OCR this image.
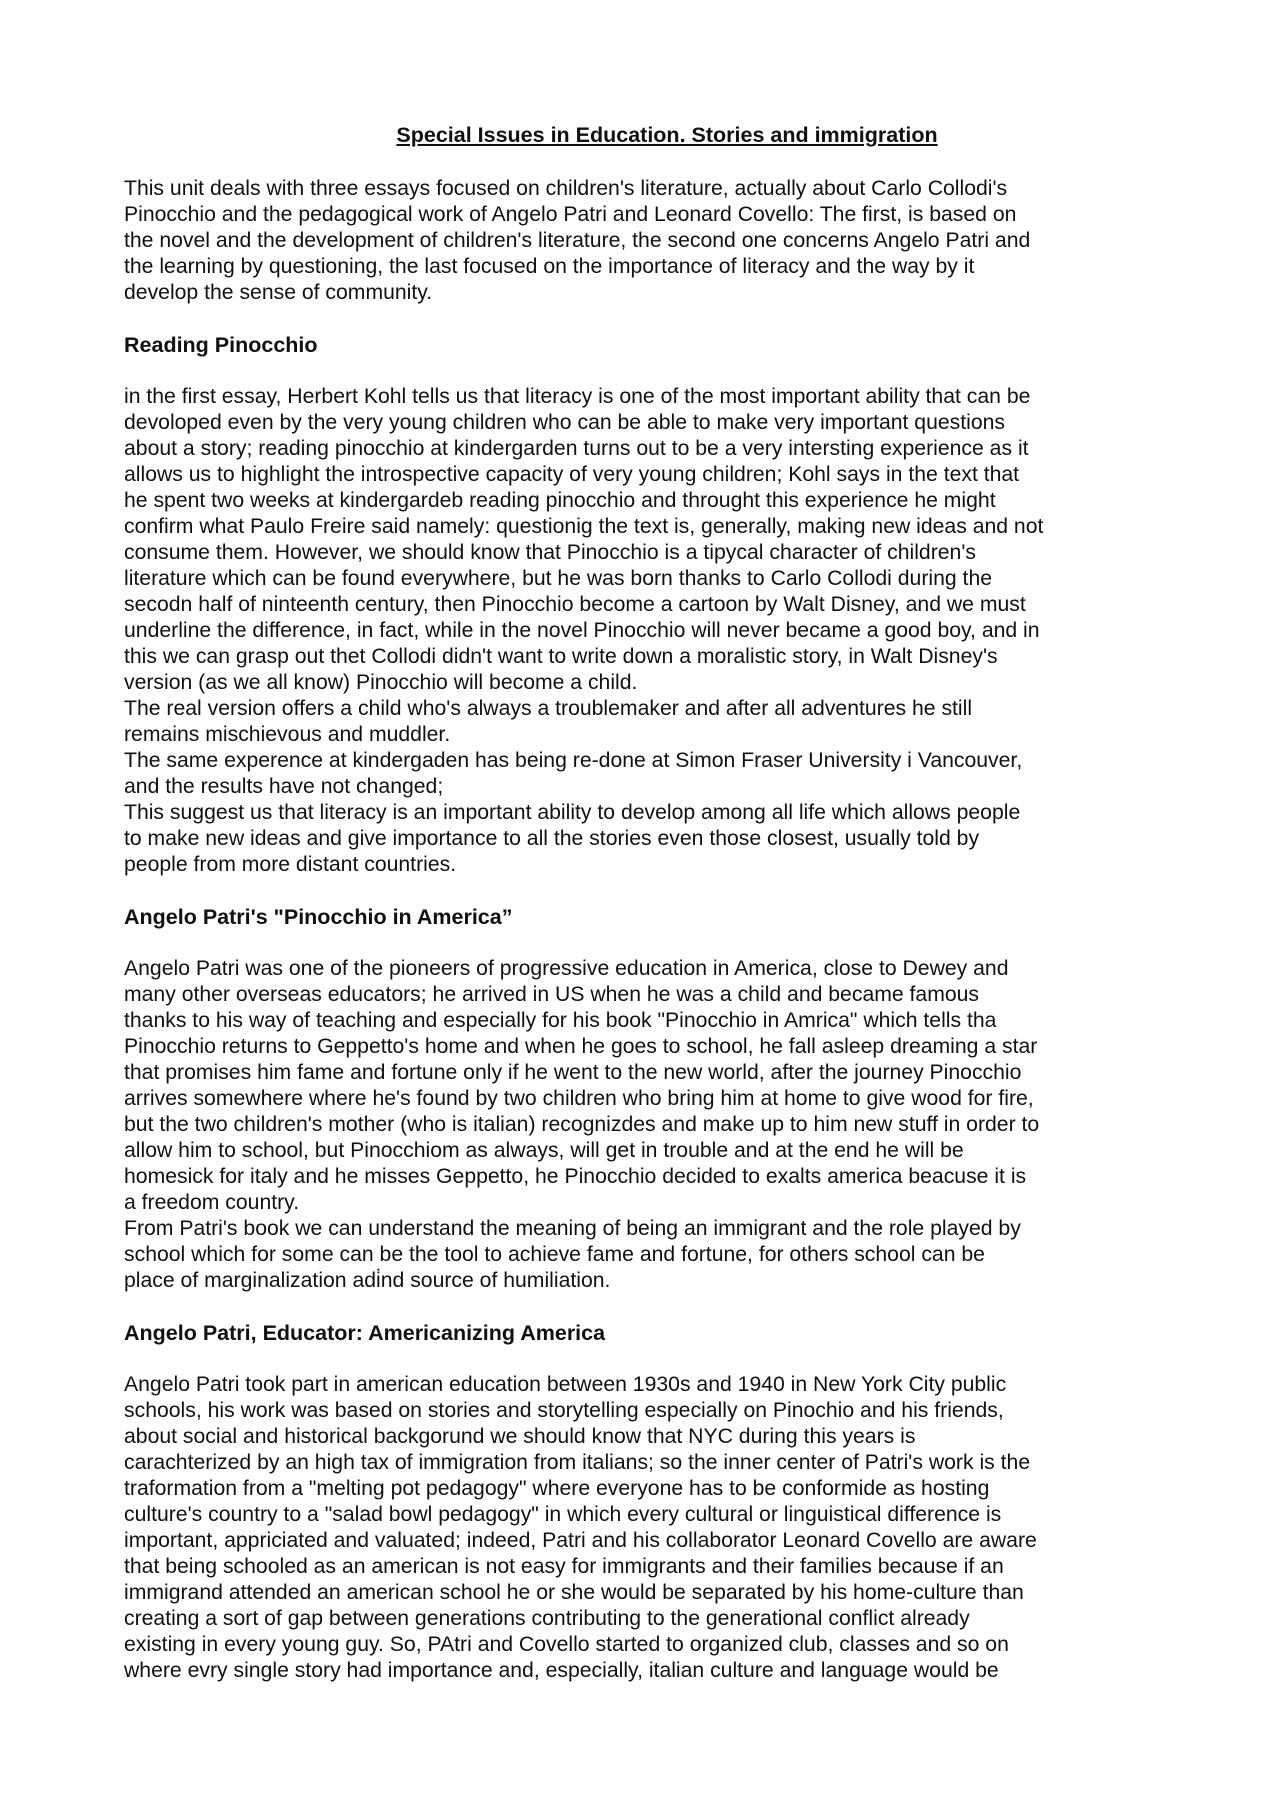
Special Issues in Education. Stories and immigration
This unit deals with three essays focused on children's literature, actually about Carlo Collodi's
Pinocchio and the pedagogical work of Angelo Patri and Leonard Covello: The first, is based on
the novel and the development of children's literature, the second one concerns Angelo Patri and
the learning by questioning, the last focused on the importance of literacy and the way by it
develop the sense of community.
Reading Pinocchio
in the first essay, Herbert Kohl tells us that literacy is one of the most important ability that can be
devoloped even by the very young children who can be able to make very important questions
about a story; reading pinocchio at kindergarden turns out to be a very intersting experience as it
allows us to highlight the introspective capacity of very young children; Kohl says in the text that
he spent two weeks at kindergardeb reading pinocchio and throught this experience he might
confirm what Paulo Freire said namely: questionig the text is, generally, making new ideas and not
consume them. However, we should know that Pinocchio is a tipycal character of children's
literature which can be found everywhere, but he was born thanks to Carlo Collodi during the
secodn half of ninteenth century, then Pinocchio become a cartoon by Walt Disney, and we must
underline the difference, in fact, while in the novel Pinocchio will never became a good boy, and in
this we can grasp out thet Collodi didn't want to write down a moralistic story, in Walt Disney's
version (as we all know) Pinocchio will become a child.
The real version offers a child who's always a troublemaker and after all adventures he still
remains mischievous and muddler.
The same experence at kindergaden has being re-done at Simon Fraser University i Vancouver,
and the results have not changed;
This suggest us that literacy is an important ability to develop among all life which allows people
to make new ideas and give importance to all the stories even those closest, usually told by
people from more distant countries.
Angelo Patri's "Pinocchio in America”
Angelo Patri was one of the pioneers of progressive education in America, close to Dewey and
many other overseas educators; he arrived in US when he was a child and became famous
thanks to his way of teaching and especially for his book "Pinocchio in Amrica" which tells tha
Pinocchio returns to Geppetto's home and when he goes to school, he fall asleep dreaming a star
that promises him fame and fortune only if he went to the new world, after the journey Pinocchio
arrives somewhere where he's found by two children who bring him at home to give wood for fire,
but the two children's mother (who is italian) recognizdes and make up to him new stuff in order to
allow him to school, but Pinocchiom as always, will get in trouble and at the end he will be
homesick for italy and he misses Geppetto, he Pinocchio decided to exalts america beacuse it is
a freedom country.
From Patri's book we can understand the meaning of being an immigrant and the role played by
school which for some can be the tool to achieve fame and fortune, for others school can be
place of marginalization adi̇nd source of humiliation.
Angelo Patri, Educator: Americanizing America
Angelo Patri took part in american education between 1930s and 1940 in New York City public
schools, his work was based on stories and storytelling especially on Pinochio and his friends,
about social and historical backgorund we should know that NYC during this years is
carachterized by an high tax of immigration from italians; so the inner center of Patri's work is the
traformation from a "melting pot pedagogy" where everyone has to be conformide as hosting
culture's country to a "salad bowl pedagogy" in which every cultural or linguistical difference is
important, appriciated and valuated; indeed, Patri and his collaborator Leonard Covello are aware
that being schooled as an american is not easy for immigrants and their families because if an
immigrand attended an american school he or she would be separated by his home-culture than
creating a sort of gap between generations contributing to the generational conflict already
existing in every young guy. So, PAtri and Covello started to organized club, classes and so on
where evry single story had importance and, especially, italian culture and language would be
